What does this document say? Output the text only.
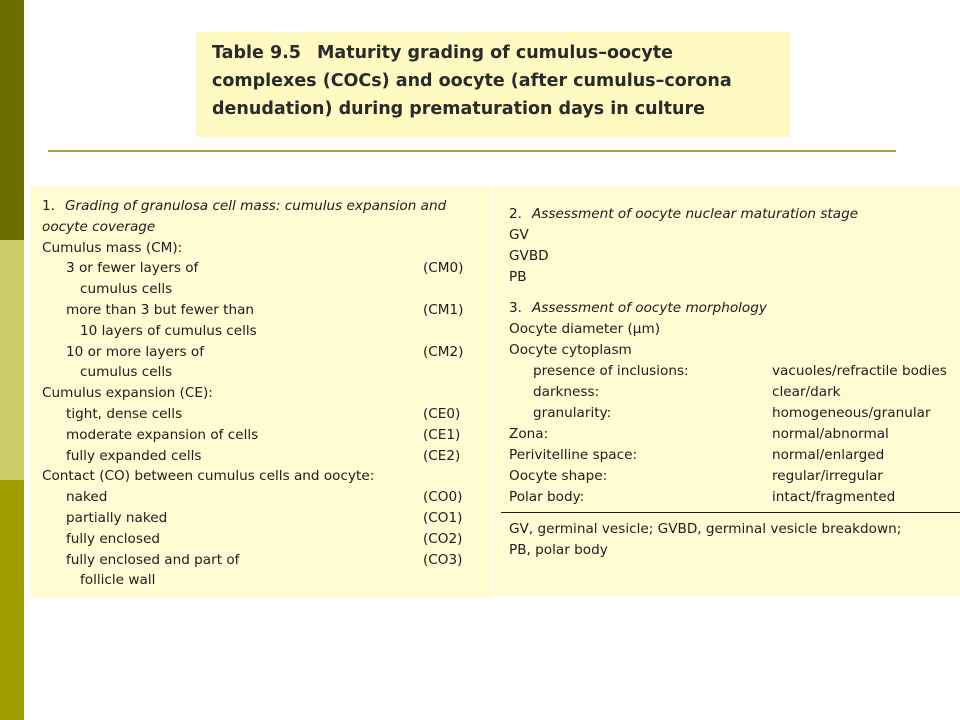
Table 9.5 Maturity grading of cumulus–oocyte
complexes (COCs) and oocyte (after cumulus–corona
denudation) during prematuration days in culture
1. Grading of granulosa cell mass: cumulus expansion and
oocyte coverage
Cumulus mass (CM):
3 or fewer layers of	(CM0)
cumulus cells
more than 3 but fewer than	(CM1)
10 layers of cumulus cells
10 or more layers of	(CM2)
cumulus cells
Cumulus expansion (CE):
tight, dense cells	(CE0)
moderate expansion of cells	(CE1)
fully expanded cells	(CE2)
Contact (CO) between cumulus cells and oocyte:
naked	(CO0)
partially naked	(CO1)
fully enclosed	(CO2)
fully enclosed and part of	(CO3)
follicle wall
2. Assessment of oocyte nuclear maturation stage
GV
GVBD
PB
3. Assessment of oocyte morphology
Oocyte diameter (μm)
Oocyte cytoplasm
presence of inclusions:	vacuoles/refractile bodies
darkness:	clear/dark
granularity:	homogeneous/granular
Zona:	normal/abnormal
Perivitelline space:	normal/enlarged
Oocyte shape:	regular/irregular
Polar body:	intact/fragmented
GV, germinal vesicle; GVBD, germinal vesicle breakdown;
PB, polar body
